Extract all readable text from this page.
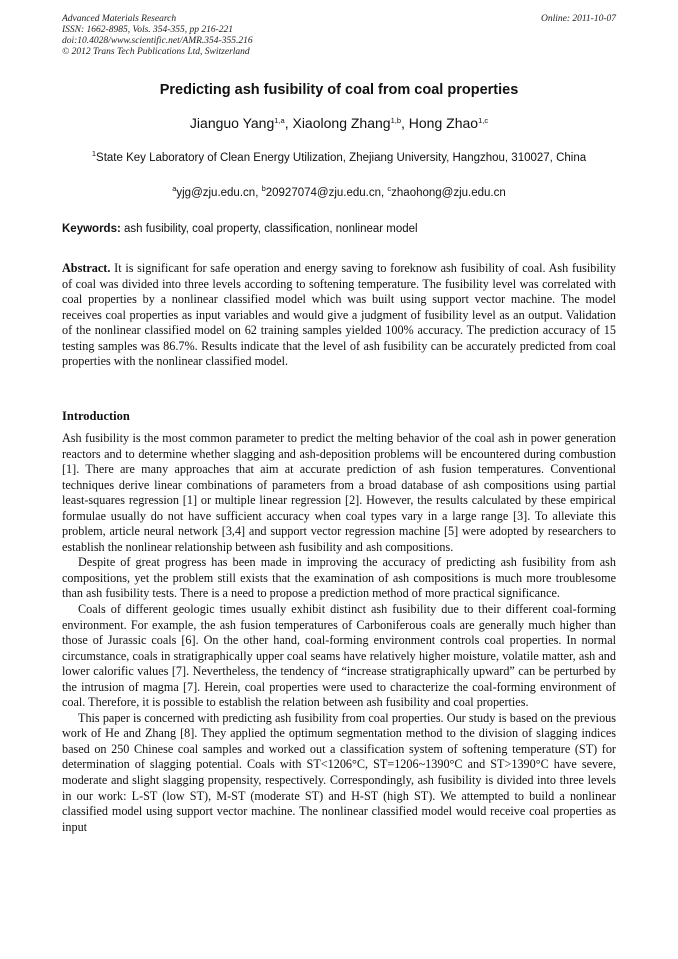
Advanced Materials Research
ISSN: 1662-8985, Vols. 354-355, pp 216-221
doi:10.4028/www.scientific.net/AMR.354-355.216
© 2012 Trans Tech Publications Ltd, Switzerland
Online: 2011-10-07
Predicting ash fusibility of coal from coal properties
Jianguo Yang$^{1,a}$, Xiaolong Zhang$^{1,b}$, Hong Zhao$^{1,c}$
$^1$State Key Laboratory of Clean Energy Utilization, Zhejiang University, Hangzhou, 310027, China
$^a$yjg@zju.edu.cn, $^b$20927074@zju.edu.cn, $^c$zhaohong@zju.edu.cn
Keywords: ash fusibility, coal property, classification, nonlinear model
Abstract. It is significant for safe operation and energy saving to foreknow ash fusibility of coal. Ash fusibility of coal was divided into three levels according to softening temperature. The fusibility level was correlated with coal properties by a nonlinear classified model which was built using support vector machine. The model receives coal properties as input variables and would give a judgment of fusibility level as an output. Validation of the nonlinear classified model on 62 training samples yielded 100% accuracy. The prediction accuracy of 15 testing samples was 86.7%. Results indicate that the level of ash fusibility can be accurately predicted from coal properties with the nonlinear classified model.
Introduction

Ash fusibility is the most common parameter to predict the melting behavior of the coal ash in power generation reactors and to determine whether slagging and ash-deposition problems will be encountered during combustion [1]. There are many approaches that aim at accurate prediction of ash fusion temperatures. Conventional techniques derive linear combinations of parameters from a broad database of ash compositions using partial least-squares regression [1] or multiple linear regression [2]. However, the results calculated by these empirical formulae usually do not have sufficient accuracy when coal types vary in a large range [3]. To alleviate this problem, article neural network [3,4] and support vector regression machine [5] were adopted by researchers to establish the nonlinear relationship between ash fusibility and ash compositions.

Despite of great progress has been made in improving the accuracy of predicting ash fusibility from ash compositions, yet the problem still exists that the examination of ash compositions is much more troublesome than ash fusibility tests. There is a need to propose a prediction method of more practical significance.

Coals of different geologic times usually exhibit distinct ash fusibility due to their different coal-forming environment. For example, the ash fusion temperatures of Carboniferous coals are generally much higher than those of Jurassic coals [6]. On the other hand, coal-forming environment controls coal properties. In normal circumstance, coals in stratigraphically upper coal seams have relatively higher moisture, volatile matter, ash and lower calorific values [7]. Nevertheless, the tendency of “increase stratigraphically upward” can be perturbed by the intrusion of magma [7]. Herein, coal properties were used to characterize the coal-forming environment of coal. Therefore, it is possible to establish the relation between ash fusibility and coal properties.

This paper is concerned with predicting ash fusibility from coal properties. Our study is based on the previous work of He and Zhang [8]. They applied the optimum segmentation method to the division of slagging indices based on 250 Chinese coal samples and worked out a classification system of softening temperature (ST) for determination of slagging potential. Coals with ST<1206°C, ST=1206~1390°C and ST>1390°C have severe, moderate and slight slagging propensity, respectively. Correspondingly, ash fusibility is divided into three levels in our work: L-ST (low ST), M-ST (moderate ST) and H-ST (high ST). We attempted to build a nonlinear classified model using support vector machine. The nonlinear classified model would receive coal properties as input
